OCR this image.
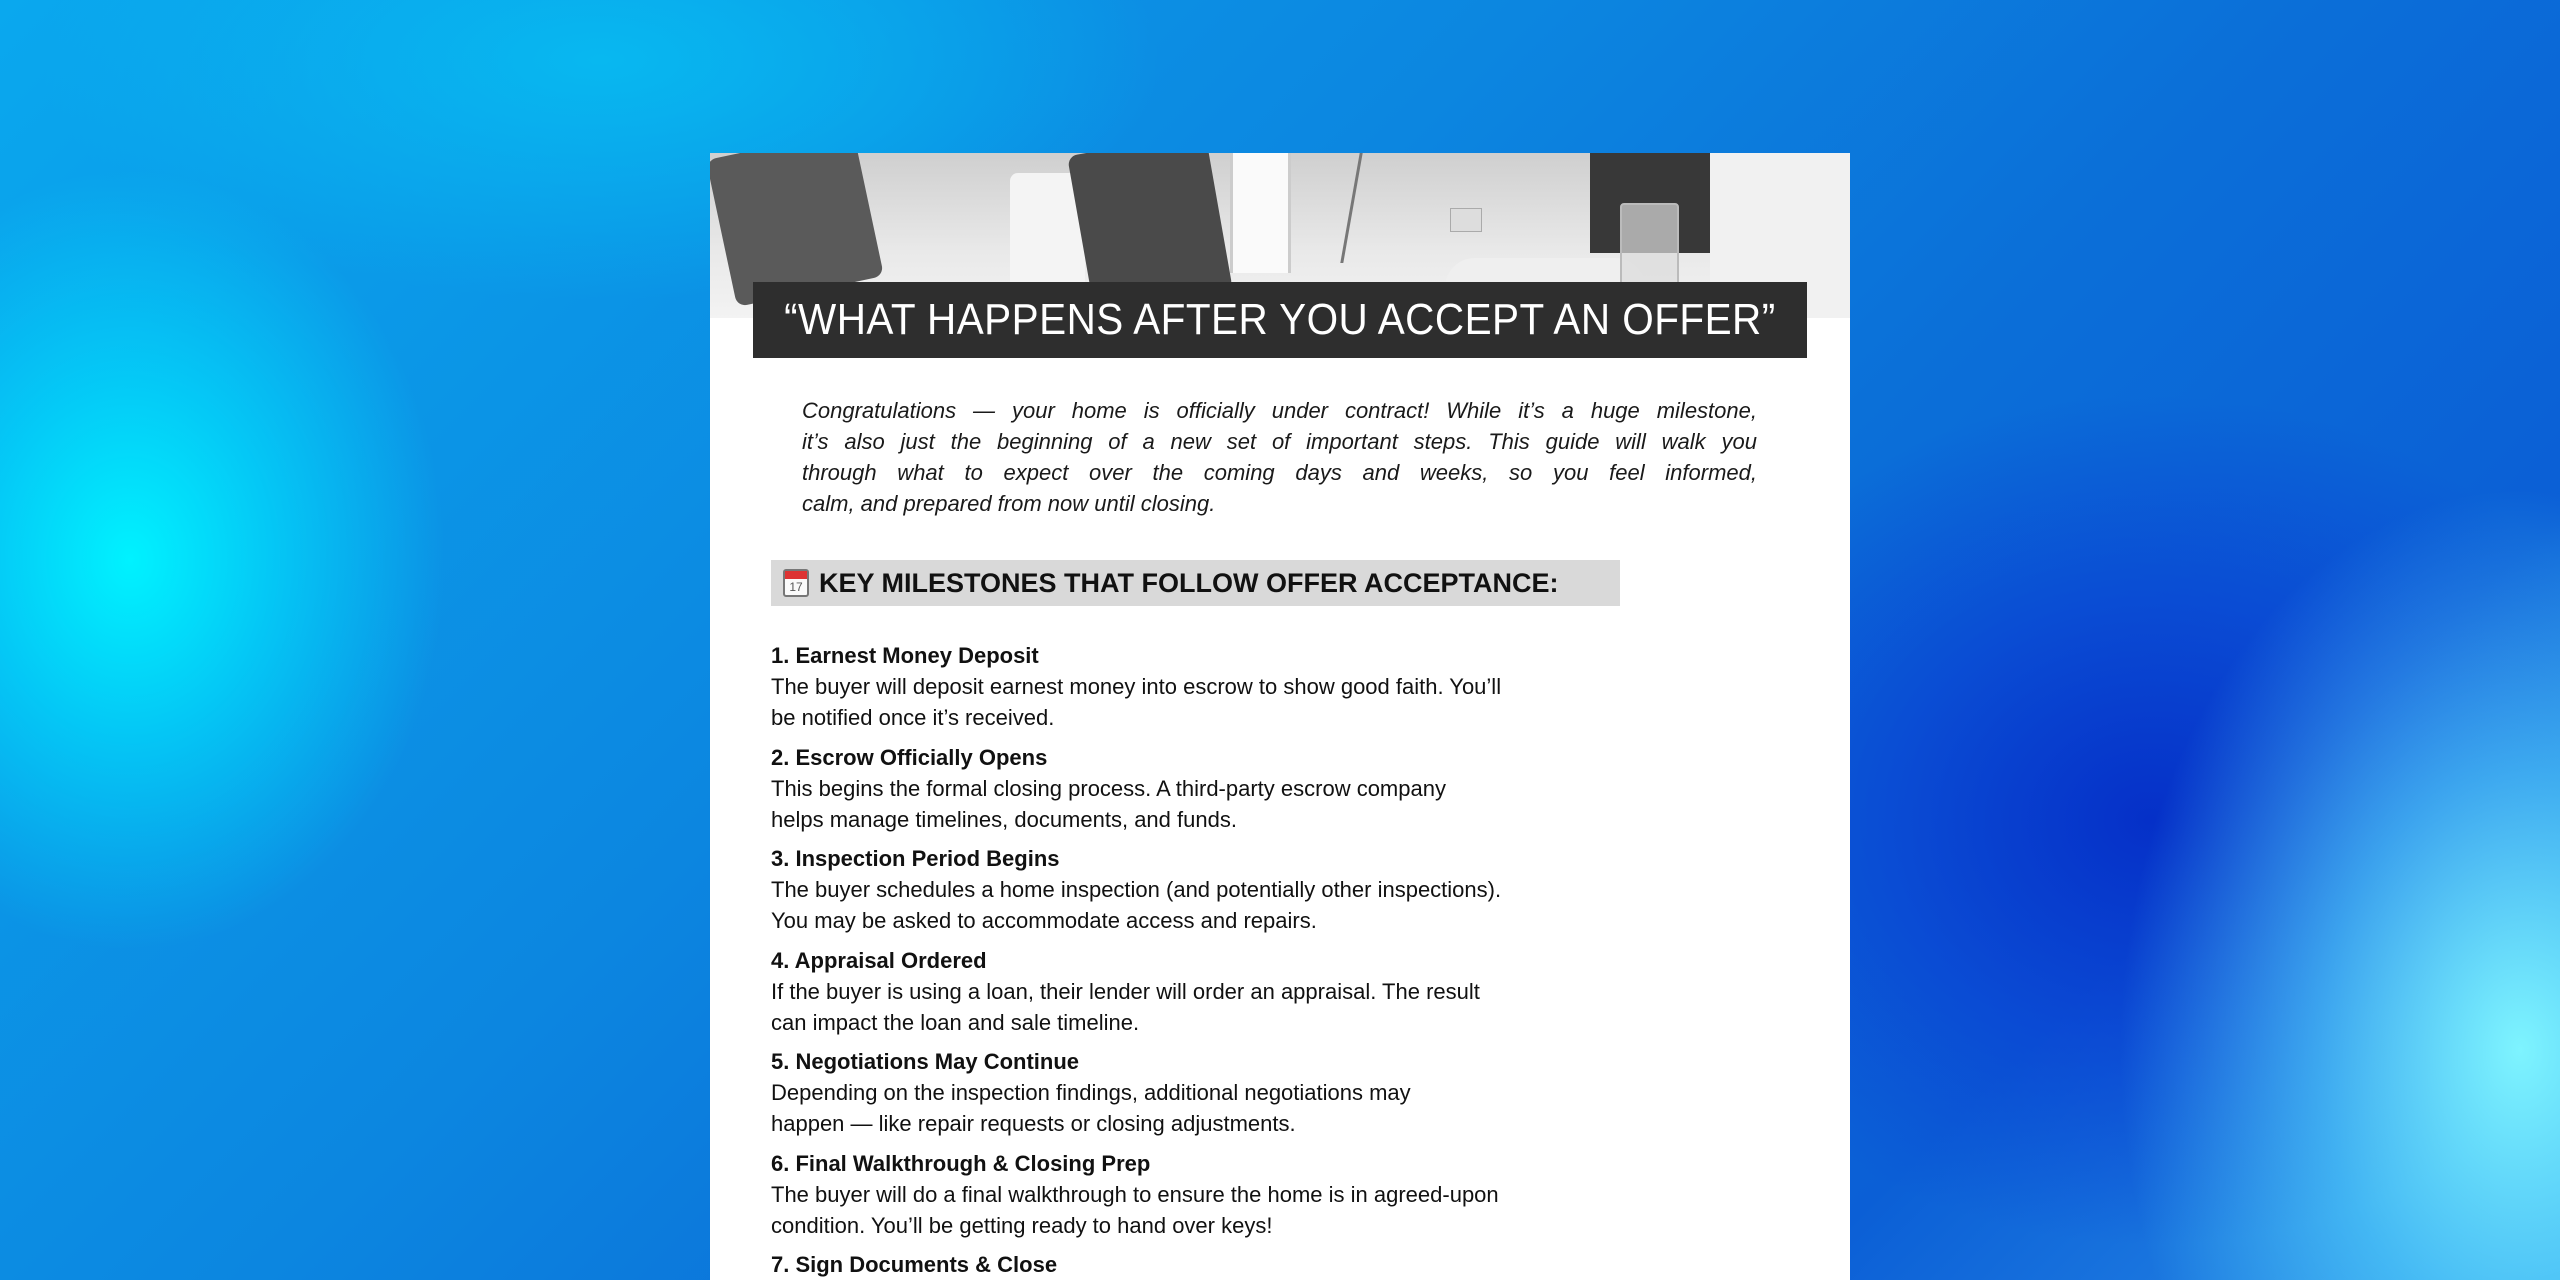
“WHAT HAPPENS AFTER YOU ACCEPT AN OFFER”
Congratulations — your home is officially under contract! While it’s a huge milestone,
it’s also just the beginning of a new set of important steps. This guide will walk you
through what to expect over the coming days and weeks, so you feel informed,
calm, and prepared from now until closing.
17 KEY MILESTONES THAT FOLLOW OFFER ACCEPTANCE:
1. Earnest Money Deposit
The buyer will deposit earnest money into escrow to show good faith. You’ll
be notified once it’s received.
2. Escrow Officially Opens
This begins the formal closing process. A third-party escrow company
helps manage timelines, documents, and funds.
3. Inspection Period Begins
The buyer schedules a home inspection (and potentially other inspections).
You may be asked to accommodate access and repairs.
4. Appraisal Ordered
If the buyer is using a loan, their lender will order an appraisal. The result
can impact the loan and sale timeline.
5. Negotiations May Continue
Depending on the inspection findings, additional negotiations may
happen — like repair requests or closing adjustments.
6. Final Walkthrough & Closing Prep
The buyer will do a final walkthrough to ensure the home is in agreed-upon
condition. You’ll be getting ready to hand over keys!
7. Sign Documents & Close
